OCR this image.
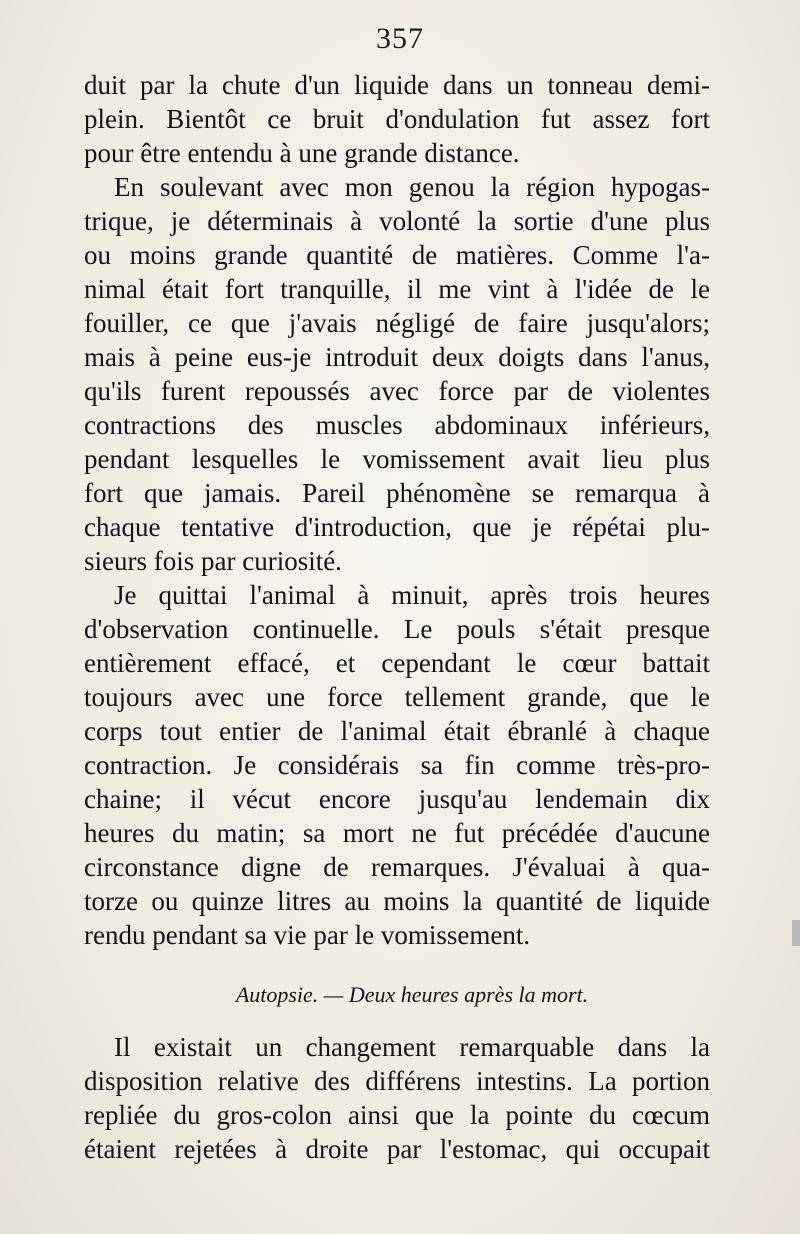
357
duit par la chute d'un liquide dans un tonneau demi-
plein. Bientôt ce bruit d'ondulation fut assez fort
pour être entendu à une grande distance.
En soulevant avec mon genou la région hypogas-
trique, je déterminais à volonté la sortie d'une plus
ou moins grande quantité de matières. Comme l'a-
nimal était fort tranquille, il me vint à l'idée de le
fouiller, ce que j'avais négligé de faire jusqu'alors;
mais à peine eus-je introduit deux doigts dans l'anus,
qu'ils furent repoussés avec force par de violentes
contractions des muscles abdominaux inférieurs,
pendant lesquelles le vomissement avait lieu plus
fort que jamais. Pareil phénomène se remarqua à
chaque tentative d'introduction, que je répétai plu-
sieurs fois par curiosité.
Je quittai l'animal à minuit, après trois heures
d'observation continuelle. Le pouls s'était presque
entièrement effacé, et cependant le cœur battait
toujours avec une force tellement grande, que le
corps tout entier de l'animal était ébranlé à chaque
contraction. Je considérais sa fin comme très-pro-
chaine; il vécut encore jusqu'au lendemain dix
heures du matin; sa mort ne fut précédée d'aucune
circonstance digne de remarques. J'évaluai à qua-
torze ou quinze litres au moins la quantité de liquide
rendu pendant sa vie par le vomissement.
Autopsie. — Deux heures après la mort.
Il existait un changement remarquable dans la
disposition relative des différens intestins. La portion
repliée du gros-colon ainsi que la pointe du cœcum
étaient rejetées à droite par l'estomac, qui occupait
